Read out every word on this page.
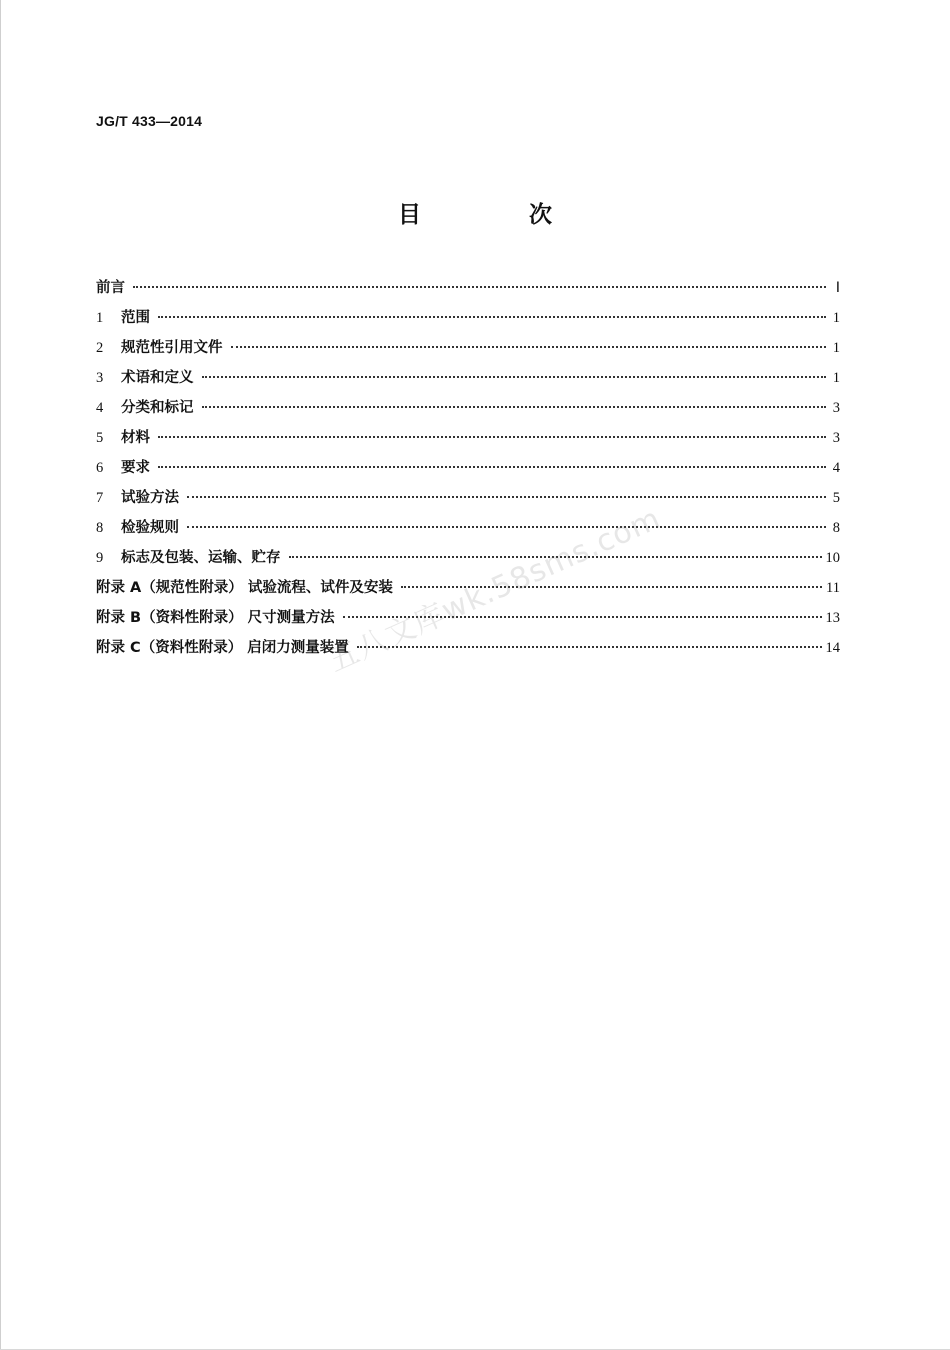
JG/T 433—2014
目 次
前言	Ⅰ
1 范围	1
2 规范性引用文件	1
3 术语和定义	1
4 分类和标记	3
5 材料	3
6 要求	4
7 试验方法	5
8 检验规则	8
9 标志及包装、运输、贮存	10
附录 A（规范性附录） 试验流程、试件及安装	11
附录 B（资料性附录） 尺寸测量方法	13
附录 C（资料性附录） 启闭力测量装置	14
五八文库wk.58sms.com
